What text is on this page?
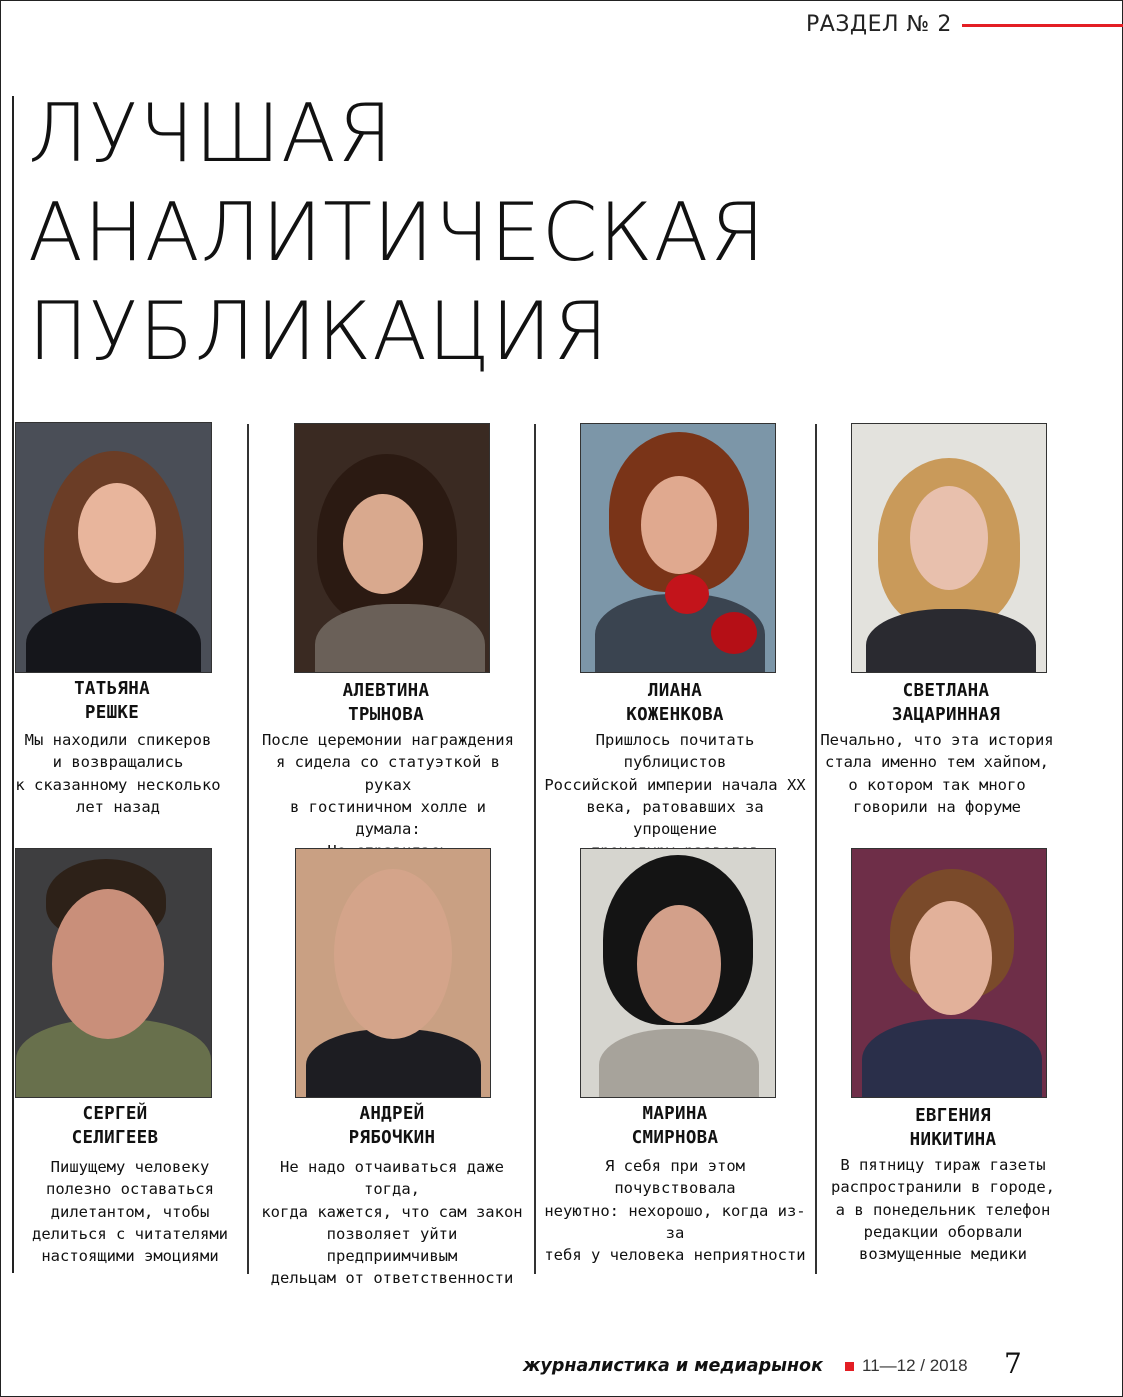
РАЗДЕЛ № 2
ЛУЧШАЯ
АНАЛИТИЧЕСКАЯ
ПУБЛИКАЦИЯ
ТАТЬЯНА
РЕШКЕ
Мы находили спикеров
и возвращались
к сказанному несколько
лет назад
АЛЕВТИНА
ТРЫНОВА
После церемонии награждения
я сидела со статуэткой в руках
в гостиничном холле и думала:
ЛИАНА
КОЖЕНКОВА
Пришлось почитать публицистов
Российской империи начала ХХ
века, ратовавших за упрощение
СВЕТЛАНА
ЗАЦАРИННАЯ
Печально, что эта история
стала именно тем хайпом,
о котором так много
говорили на форуме
СЕРГЕЙ
СЕЛИГЕЕВ
Пишущему человеку
полезно оставаться
дилетантом, чтобы
делиться с читателями
настоящими эмоциями
АНДРЕЙ
РЯБОЧКИН
Не надо отчаиваться даже тогда,
когда кажется, что сам закон
позволяет уйти предприимчивым
дельцам от ответственности
МАРИНА
СМИРНОВА
Я себя при этом почувствовала
неуютно: нехорошо, когда из-за
тебя у человека неприятности
ЕВГЕНИЯ
НИКИТИНА
В пятницу тираж газеты
распространили в городе,
а в понедельник телефон
редакции оборвали
возмущенные медики
журналистика и медиарынок 11—12 / 2018 7
